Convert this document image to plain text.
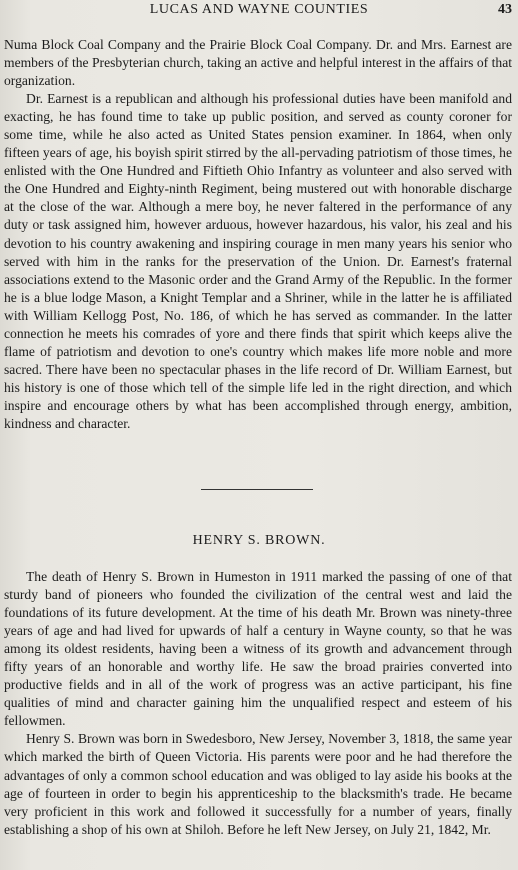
LUCAS AND WAYNE COUNTIES	43

Numa Block Coal Company and the Prairie Block Coal Company. Dr. and Mrs. Earnest are members of the Presbyterian church, taking an active and helpful interest in the affairs of that organization.

Dr. Earnest is a republican and although his professional duties have been manifold and exacting, he has found time to take up public position, and served as county coroner for some time, while he also acted as United States pension examiner. In 1864, when only fifteen years of age, his boyish spirit stirred by the all-pervading patriotism of those times, he enlisted with the One Hundred and Fiftieth Ohio Infantry as volunteer and also served with the One Hundred and Eighty-ninth Regiment, being mustered out with honorable discharge at the close of the war. Although a mere boy, he never faltered in the performance of any duty or task assigned him, however arduous, however hazardous, his valor, his zeal and his devotion to his country awakening and inspiring courage in men many years his senior who served with him in the ranks for the preservation of the Union. Dr. Earnest's fraternal associations extend to the Masonic order and the Grand Army of the Republic. In the former he is a blue lodge Mason, a Knight Templar and a Shriner, while in the latter he is affiliated with William Kellogg Post, No. 186, of which he has served as commander. In the latter connection he meets his comrades of yore and there finds that spirit which keeps alive the flame of patriotism and devotion to one's country which makes life more noble and more sacred. There have been no spectacular phases in the life record of Dr. William Earnest, but his history is one of those which tell of the simple life led in the right direction, and which inspire and encourage others by what has been accomplished through energy, ambition, kindness and character.

HENRY S. BROWN.

The death of Henry S. Brown in Humeston in 1911 marked the passing of one of that sturdy band of pioneers who founded the civilization of the central west and laid the foundations of its future development. At the time of his death Mr. Brown was ninety-three years of age and had lived for upwards of half a century in Wayne county, so that he was among its oldest residents, having been a witness of its growth and advancement through fifty years of an honorable and worthy life. He saw the broad prairies converted into productive fields and in all of the work of progress was an active participant, his fine qualities of mind and character gaining him the unqualified respect and esteem of his fellowmen.

Henry S. Brown was born in Swedesboro, New Jersey, November 3, 1818, the same year which marked the birth of Queen Victoria. His parents were poor and he had therefore the advantages of only a common school education and was obliged to lay aside his books at the age of fourteen in order to begin his apprenticeship to the blacksmith's trade. He became very proficient in this work and followed it successfully for a number of years, finally establishing a shop of his own at Shiloh. Before he left New Jersey, on July 21, 1842, Mr.
